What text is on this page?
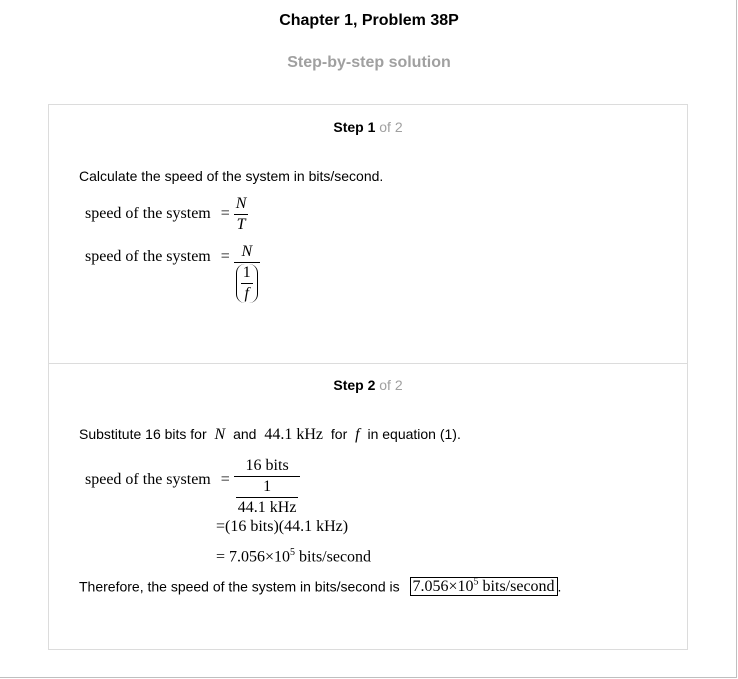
Chapter 1, Problem 38P
Step-by-step solution
Step 1 of 2
Calculate the speed of the system in bits/second.
speed of the system = $\frac{N}{T}$
speed of the system = $\frac{N}{\frac{1}{f}}$
Step 2 of 2
Substitute 16 bits for N and 44.1 kHz for f in equation (1).
speed of the system = $\frac{\text{16 bits}}{\frac{1}{\text{44.1 kHz}}}$
=(16 bits)(44.1 kHz)
= $7.056\times 10^5$ bits/second
Therefore, the speed of the system in bits/second is $7.056\times 10^5$ bits/second .
